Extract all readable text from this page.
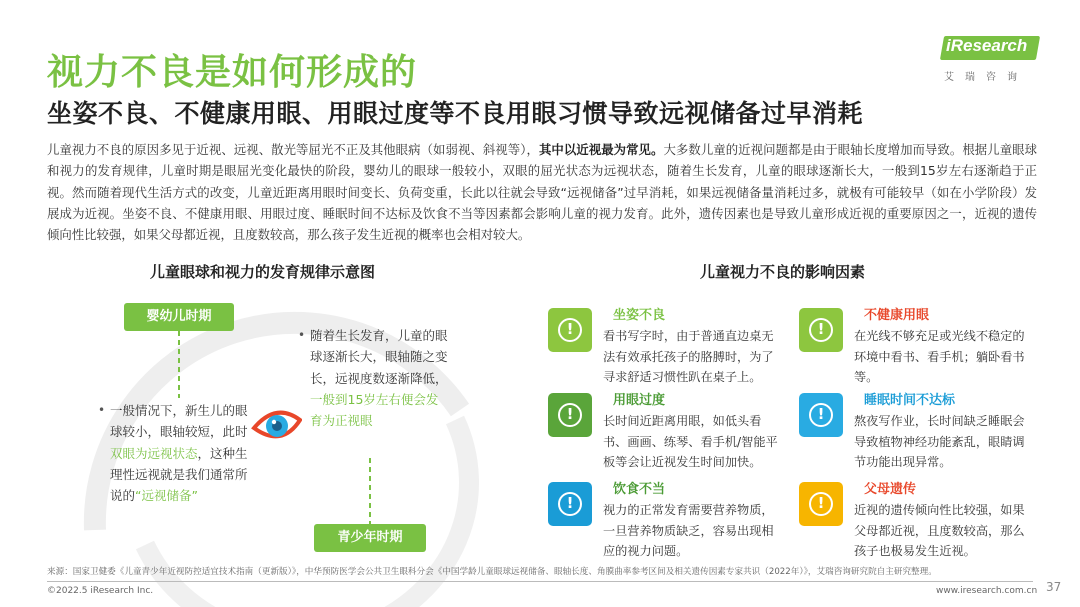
视力不良是如何形成的
坐姿不良、不健康用眼、用眼过度等不良用眼习惯导致远视储备过早消耗
iResearch
艾瑞咨询
儿童视力不良的原因多见于近视、远视、散光等屈光不正及其他眼病（如弱视、斜视等），其中以近视最为常见。大多数儿童的近视问题都是由于眼轴长度增加而导致。根据儿童眼球和视力的发育规律，儿童时期是眼屈光变化最快的阶段，婴幼儿的眼球一般较小，双眼的屈光状态为远视状态，随着生长发育，儿童的眼球逐渐长大，一般到15岁左右逐渐趋于正视。然而随着现代生活方式的改变，儿童近距离用眼时间变长、负荷变重，长此以往就会导致“远视储备”过早消耗，如果远视储备量消耗过多，就极有可能较早（如在小学阶段）发展成为近视。坐姿不良、不健康用眼、用眼过度、睡眠时间不达标及饮食不当等因素都会影响儿童的视力发育。此外，遗传因素也是导致儿童形成近视的重要原因之一，近视的遗传倾向性比较强，如果父母都近视，且度数较高，那么孩子发生近视的概率也会相对较大。
儿童眼球和视力的发育规律示意图	儿童视力不良的影响因素
婴幼儿时期
青少年时期
• 一般情况下，新生儿的眼球较小，眼轴较短，此时双眼为远视状态，这种生理性远视就是我们通常所说的“远视储备”
• 随着生长发育，儿童的眼球逐渐长大，眼轴随之变长，远视度数逐渐降低，一般到15岁左右便会发育为正视眼
!
坐姿不良
看书写字时，由于普通直边桌无法有效承托孩子的胳膊时，为了寻求舒适习惯性趴在桌子上。
!
不健康用眼
在光线不够充足或光线不稳定的环境中看书、看手机；躺卧看书等。
!
用眼过度
长时间近距离用眼，如低头看书、画画、练琴、看手机/智能平板等会让近视发生时间加快。
!
睡眠时间不达标
熬夜写作业，长时间缺乏睡眠会导致植物神经功能紊乱，眼睛调节功能出现异常。
!
饮食不当
视力的正常发育需要营养物质，一旦营养物质缺乏，容易出现相应的视力问题。
!
父母遗传
近视的遗传倾向性比较强，如果父母都近视，且度数较高，那么孩子也极易发生近视。
来源：国家卫健委《儿童青少年近视防控适宜技术指南（更新版）》，中华预防医学会公共卫生眼科分会《中国学龄儿童眼球远视储备、眼轴长度、角膜曲率参考区间及相关遗传因素专家共识（2022年）》，艾瑞咨询研究院自主研究整理。
©2022.5 iResearch Inc.	www.iresearch.com.cn 37
